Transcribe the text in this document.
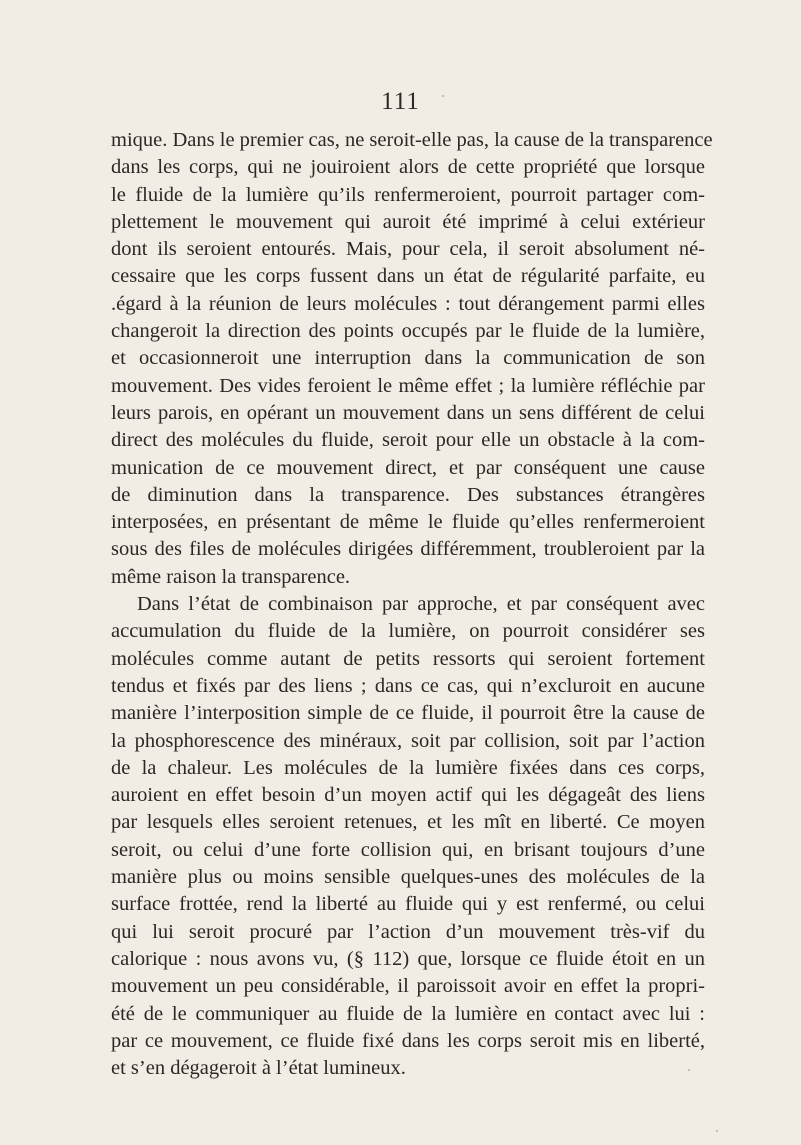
111
mique. Dans le premier cas, ne seroit-elle pas, la cause de la transparence
dans les corps, qui ne jouiroient alors de cette propriété que lorsque
le fluide de la lumière qu’ils renfermeroient, pourroit partager com-
plettement le mouvement qui auroit été imprimé à celui extérieur
dont ils seroient entourés. Mais, pour cela, il seroit absolument né-
cessaire que les corps fussent dans un état de régularité parfaite, eu
.égard à la réunion de leurs molécules : tout dérangement parmi elles
changeroit la direction des points occupés par le fluide de la lumière,
et occasionneroit une interruption dans la communication de son
mouvement. Des vides feroient le même effet ; la lumière réfléchie par
leurs parois, en opérant un mouvement dans un sens différent de celui
direct des molécules du fluide, seroit pour elle un obstacle à la com-
munication de ce mouvement direct, et par conséquent une cause
de diminution dans la transparence. Des substances étrangères
interposées, en présentant de même le fluide qu’elles renfermeroient
sous des files de molécules dirigées différemment, troubleroient par la
même raison la transparence.
Dans l’état de combinaison par approche, et par conséquent avec
accumulation du fluide de la lumière, on pourroit considérer ses
molécules comme autant de petits ressorts qui seroient fortement
tendus et fixés par des liens ; dans ce cas, qui n’excluroit en aucune
manière l’interposition simple de ce fluide, il pourroit être la cause de
la phosphorescence des minéraux, soit par collision, soit par l’action
de la chaleur. Les molécules de la lumière fixées dans ces corps,
auroient en effet besoin d’un moyen actif qui les dégageât des liens
par lesquels elles seroient retenues, et les mît en liberté. Ce moyen
seroit, ou celui d’une forte collision qui, en brisant toujours d’une
manière plus ou moins sensible quelques-unes des molécules de la
surface frottée, rend la liberté au fluide qui y est renfermé, ou celui
qui lui seroit procuré par l’action d’un mouvement très-vif du
calorique : nous avons vu, (§ 112) que, lorsque ce fluide étoit en un
mouvement un peu considérable, il paroissoit avoir en effet la propri-
été de le communiquer au fluide de la lumière en contact avec lui :
par ce mouvement, ce fluide fixé dans les corps seroit mis en liberté,
et s’en dégageroit à l’état lumineux.
